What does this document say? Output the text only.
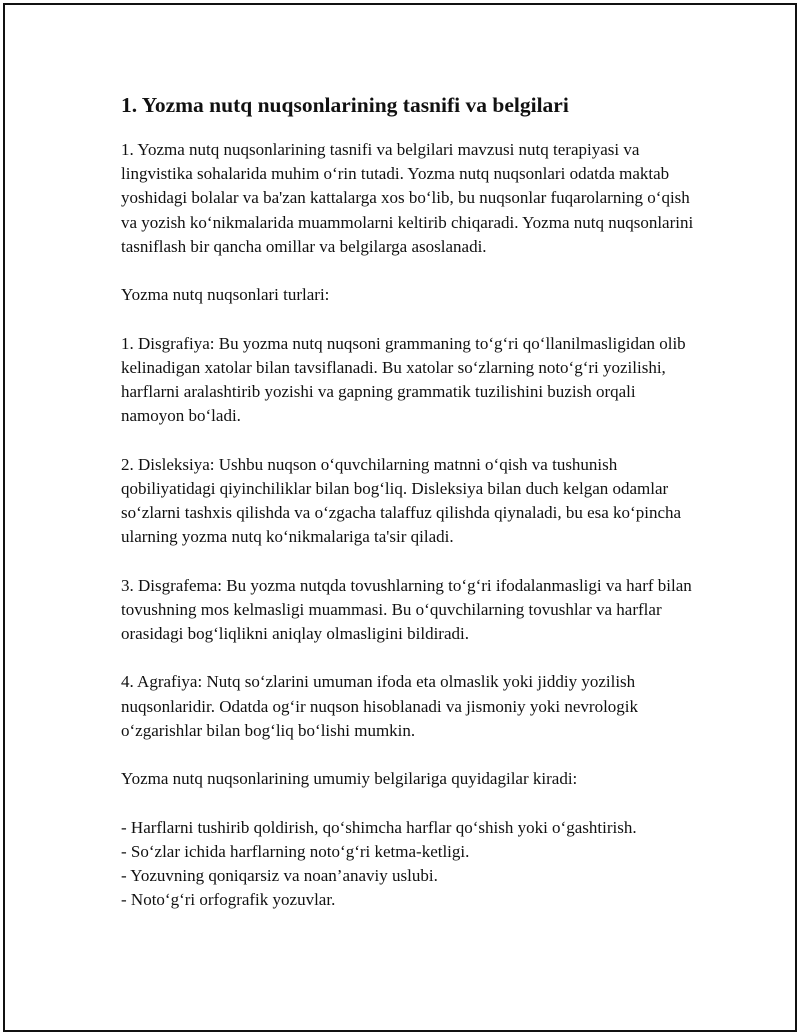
1. Yozma nutq nuqsonlarining tasnifi va belgilari

1. Yozma nutq nuqsonlarining tasnifi va belgilari mavzusi nutq terapiyasi va lingvistika sohalarida muhim oʻrin tutadi. Yozma nutq nuqsonlari odatda maktab yoshidagi bolalar va ba'zan kattalarga xos boʻlib, bu nuqsonlar fuqarolarning oʻqish va yozish koʻnikmalarida muammolarni keltirib chiqaradi. Yozma nutq nuqsonlarini tasniflash bir qancha omillar va belgilarga asoslanadi.

Yozma nutq nuqsonlari turlari:

1. Disgrafiya: Bu yozma nutq nuqsoni grammaning toʻgʻri qoʻllanilmasligidan olib kelinadigan xatolar bilan tavsiflanadi. Bu xatolar soʻzlarning notoʻgʻri yozilishi, harflarni aralashtirib yozishi va gapning grammatik tuzilishini buzish orqali namoyon boʻladi.

2. Disleksiya: Ushbu nuqson oʻquvchilarning matnni oʻqish va tushunish qobiliyatidagi qiyinchiliklar bilan bogʻliq. Disleksiya bilan duch kelgan odamlar soʻzlarni tashxis qilishda va oʻzgacha talaffuz qilishda qiynaladi, bu esa koʻpincha ularning yozma nutq koʻnikmalariga ta'sir qiladi.

3. Disgrafema: Bu yozma nutqda tovushlarning toʻgʻri ifodalanmasligi va harf bilan tovushning mos kelmasligi muammasi. Bu oʻquvchilarning tovushlar va harflar orasidagi bogʻliqlikni aniqlay olmasligini bildiradi.

4. Agrafiya: Nutq soʻzlarini umuman ifoda eta olmaslik yoki jiddiy yozilish nuqsonlaridir. Odatda ogʻir nuqson hisoblanadi va jismoniy yoki nevrologik oʻzgarishlar bilan bogʻliq boʻlishi mumkin.

Yozma nutq nuqsonlarining umumiy belgilariga quyidagilar kiradi:

- Harflarni tushirib qoldirish, qoʻshimcha harflar qoʻshish yoki oʻgashtirish.
- Soʻzlar ichida harflarning notoʻgʻri ketma-ketligi.
- Yozuvning qoniqarsiz va noan’anaviy uslubi.
- Notoʻgʻri orfografik yozuvlar.
